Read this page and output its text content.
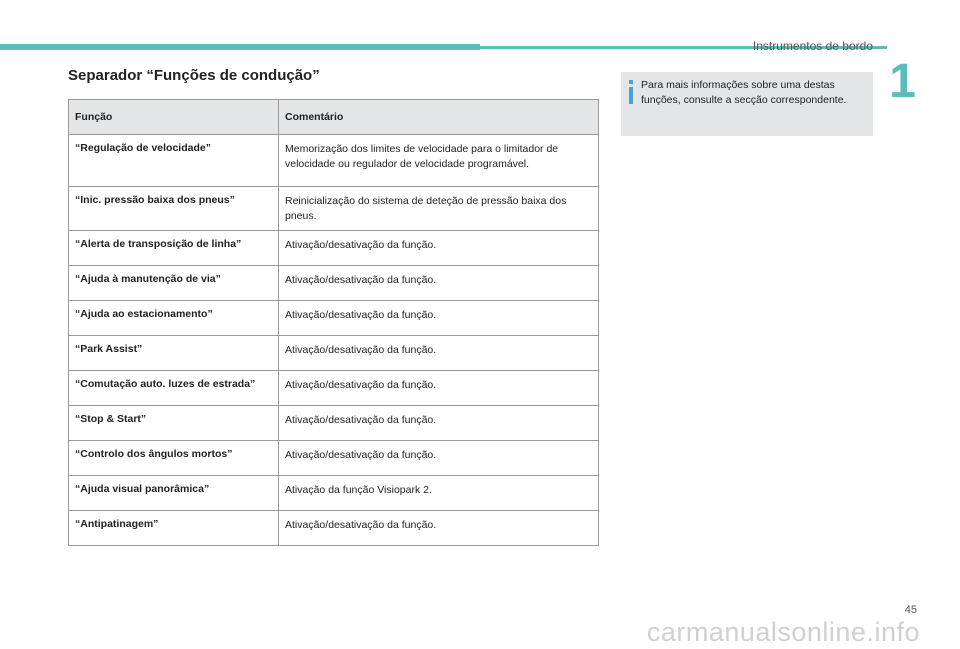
Instrumentos de bordo
1
Separador “Funções de condução”
Função	Comentário
“Regulação de velocidade”	Memorização dos limites de velocidade para o limitador de velocidade ou regulador de velocidade programável.
“Inic. pressão baixa dos pneus”	Reinicialização do sistema de deteção de pressão baixa dos pneus.
“Alerta de transposição de linha”	Ativação/desativação da função.
“Ajuda à manutenção de via”	Ativação/desativação da função.
“Ajuda ao estacionamento”	Ativação/desativação da função.
“Park Assist”	Ativação/desativação da função.
“Comutação auto. luzes de estrada”	Ativação/desativação da função.
“Stop & Start”	Ativação/desativação da função.
“Controlo dos ângulos mortos”	Ativação/desativação da função.
“Ajuda visual panorâmica”	Ativação da função Visiopark 2.
“Antipatinagem”	Ativação/desativação da função.
Para mais informações sobre uma destas funções, consulte a secção correspondente.
45
carmanualsonline.info
